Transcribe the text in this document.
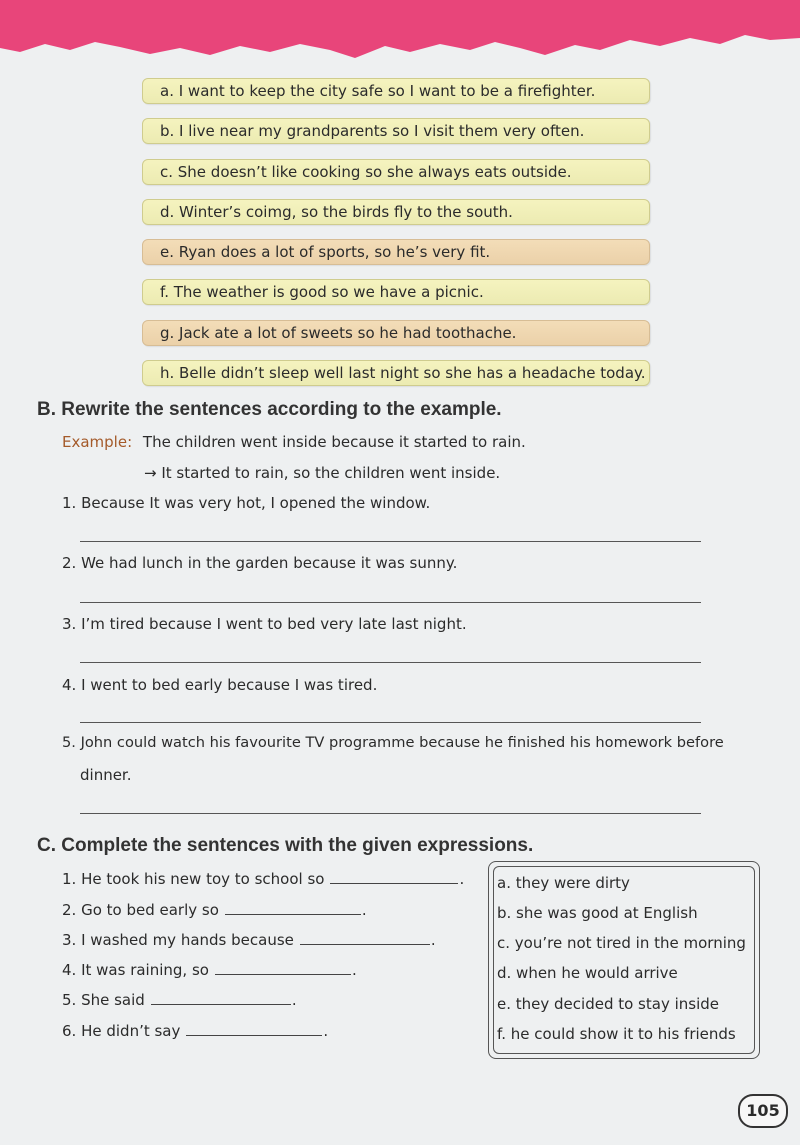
a. I want to keep the city safe so I want to be a firefighter.
b. I live near my grandparents so I visit them very often.
c. She doesn’t like cooking so she always eats outside.
d. Winter’s coimg, so the birds fly to the south.
e. Ryan does a lot of sports, so he’s very fit.
f. The weather is good so we have a picnic.
g. Jack ate a lot of sweets so he had toothache.
h. Belle didn’t sleep well last night so she has a headache today.
B. Rewrite the sentences according to the example.
Example: The children went inside because it started to rain.
→ It started to rain, so the children went inside.
1. Because It was very hot, I opened the window.
2. We had lunch in the garden because it was sunny.
3. I’m tired because I went to bed very late last night.
4. I went to bed early because I was tired.
5. John could watch his favourite TV programme because he finished his homework before
dinner.
C. Complete the sentences with the given expressions.
1. He took his new toy to school so	.
2. Go to bed early so	.
3. I washed my hands because	.
4. It was raining, so	.
5. She said	.
6. He didn’t say	.
a. they were dirty
b. she was good at English
c. you’re not tired in the morning
d. when he would arrive
e. they decided to stay inside
f. he could show it to his friends
105
